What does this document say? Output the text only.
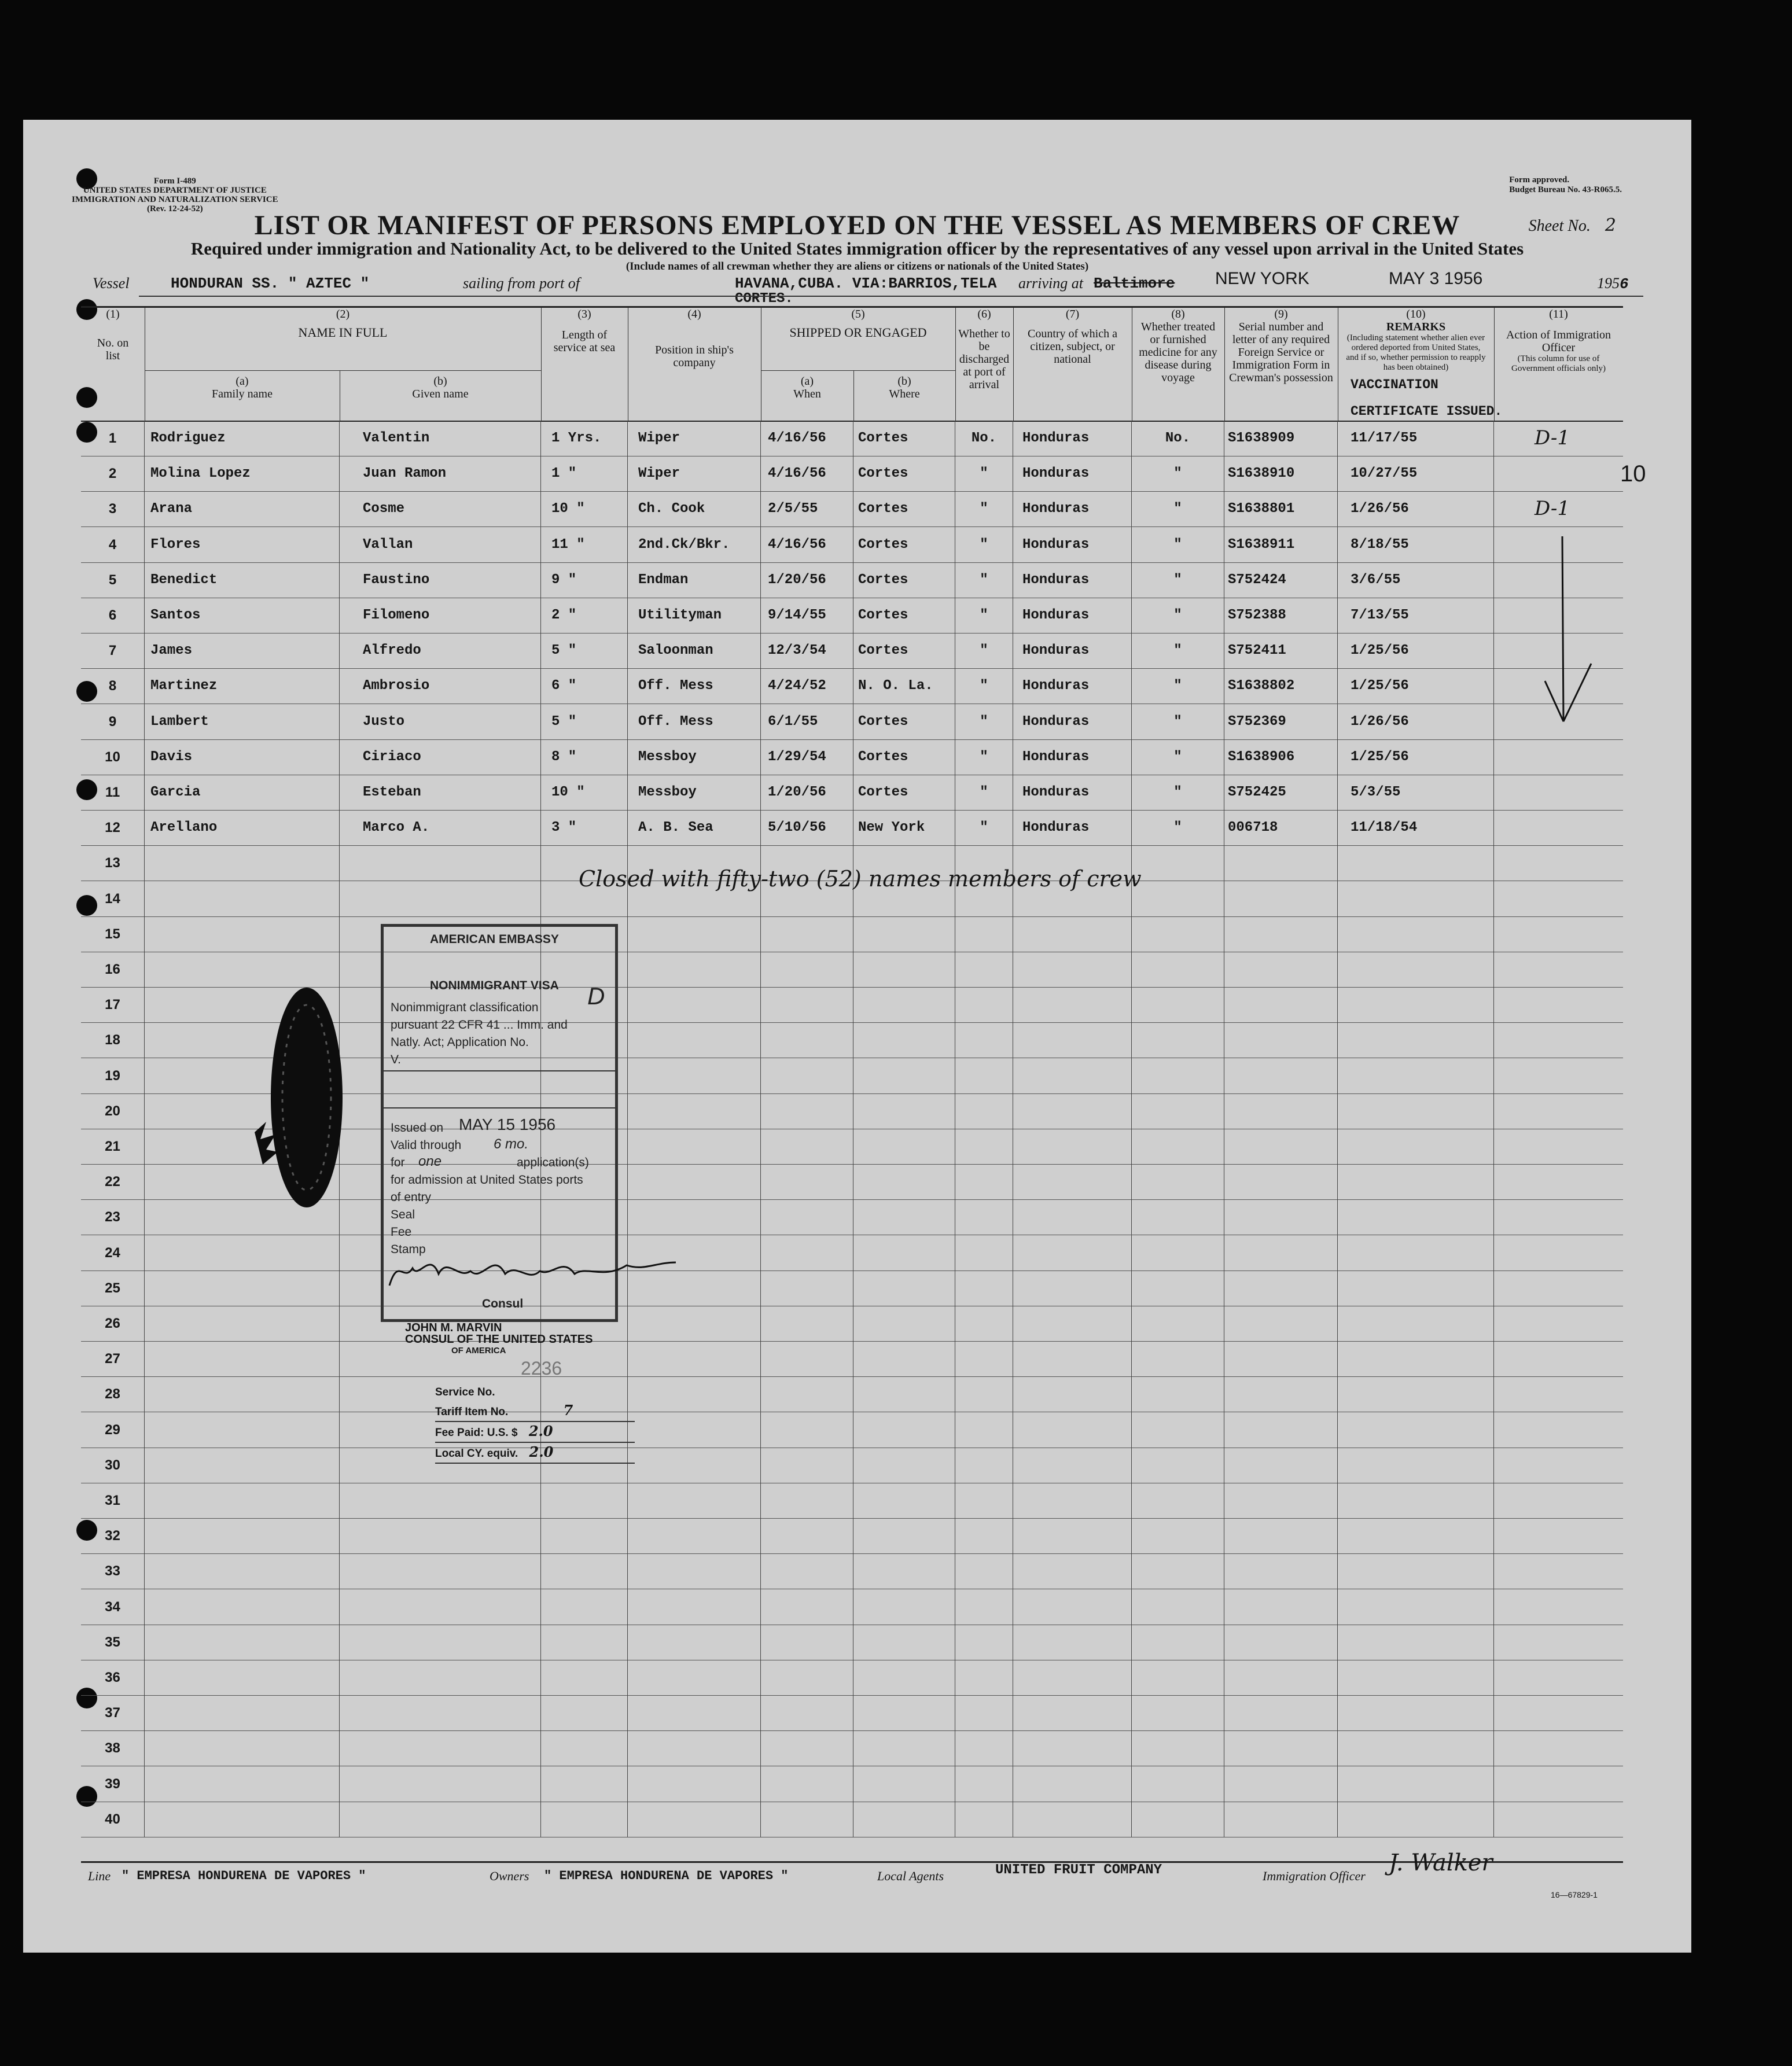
Form I-489
UNITED STATES DEPARTMENT OF JUSTICE
IMMIGRATION AND NATURALIZATION SERVICE
(Rev. 12-24-52)
Form approved.
Budget Bureau No. 43-R065.5.
LIST OR MANIFEST OF PERSONS EMPLOYED ON THE VESSEL AS MEMBERS OF CREW	Sheet No. 2
Required under immigration and Nationality Act, to be delivered to the United States immigration officer by the representatives of any vessel upon arrival in the United States
(Include names of all crewman whether they are aliens or citizens or nationals of the United States)
Vessel	HONDURAN SS. " AZTEC "	sailing from port of	HAVANA,CUBA. VIA:BARRIOS,TELA
CORTES.
arriving at Baltimore NEW YORK	MAY 3 1956	1956
10
(1)
No. on list
(2)
NAME IN FULL
(a)
Family name
(b)
Given name
(3)
Length of service at sea
(4)
Position in ship's company
(5)
SHIPPED OR ENGAGED
(a)
When
(b)
Where
(6)
Whether to be discharged at port of arrival
(7)
Country of which a citizen, subject, or national
(8)
Whether treated or furnished medicine for any disease during voyage
(9)
Serial number and letter of any required Foreign Service or Immigration Form in Crewman's possession
(10)
REMARKS
(Including statement whether alien ever ordered deported from United States, and if so, whether permission to reapply has been obtained)
VACCINATION
CERTIFICATE ISSUED.
(11)
Action of Immigration Officer
(This column for use of Government officials only)
1	Rodriguez	Valentin	1 Yrs.	Wiper	4/16/56	Cortes	No.	Honduras	No.	S1638909	11/17/55	D-1
2	Molina Lopez	Juan Ramon	1 "	Wiper	4/16/56	Cortes	"	Honduras	"	S1638910	10/27/55
3	Arana	Cosme	10 "	Ch. Cook	2/5/55	Cortes	"	Honduras	"	S1638801	1/26/56	D-1
4	Flores	Vallan	11 "	2nd.Ck/Bkr.	4/16/56	Cortes	"	Honduras	"	S1638911	8/18/55
5	Benedict	Faustino	9 "	Endman	1/20/56	Cortes	"	Honduras	"	S752424	3/6/55
6	Santos	Filomeno	2 "	Utilityman	9/14/55	Cortes	"	Honduras	"	S752388	7/13/55
7	James	Alfredo	5 "	Saloonman	12/3/54	Cortes	"	Honduras	"	S752411	1/25/56
8	Martinez	Ambrosio	6 "	Off. Mess	4/24/52	N. O. La.	"	Honduras	"	S1638802	1/25/56
9	Lambert	Justo	5 "	Off. Mess	6/1/55	Cortes	"	Honduras	"	S752369	1/26/56
10	Davis	Ciriaco	8 "	Messboy	1/29/54	Cortes	"	Honduras	"	S1638906	1/25/56
11	Garcia	Esteban	10 "	Messboy	1/20/56	Cortes	"	Honduras	"	S752425	5/3/55
12	Arellano	Marco A.	3 "	A. B. Sea	5/10/56	New York	"	Honduras	"	006718	11/18/54
13
14
15
16
17
18
19
20
21
22
23
24
25
26
27
28
29
30
31
32
33
34
35
36
37
38
39
40
Closed with fifty-two (52) names members of crew
AMERICAN EMBASSY
NONIMMIGRANT VISA
Nonimmigrant classification D
pursuant 22 CFR 41 ... Imm. and
Natly. Act; Application No.
V.
Issued on MAY 15 1956
Valid through 6 mo.
for one	application(s)
for admission at United States ports
of entry
Seal
Fee
Stamp
Consul
JOHN M. MARVIN
CONSUL OF THE UNITED STATES
OF AMERICA
2236
Service No.
Tariff Item No.	7
Fee Paid: U.S. $ 2.0
Local CY. equiv. 2.0
Line " EMPRESA HONDURENA DE VAPORES "	Owners " EMPRESA HONDURENA DE VAPORES "	Local Agents	UNITED FRUIT COMPANY	Immigration Officer J. Walker
16—67829-1
